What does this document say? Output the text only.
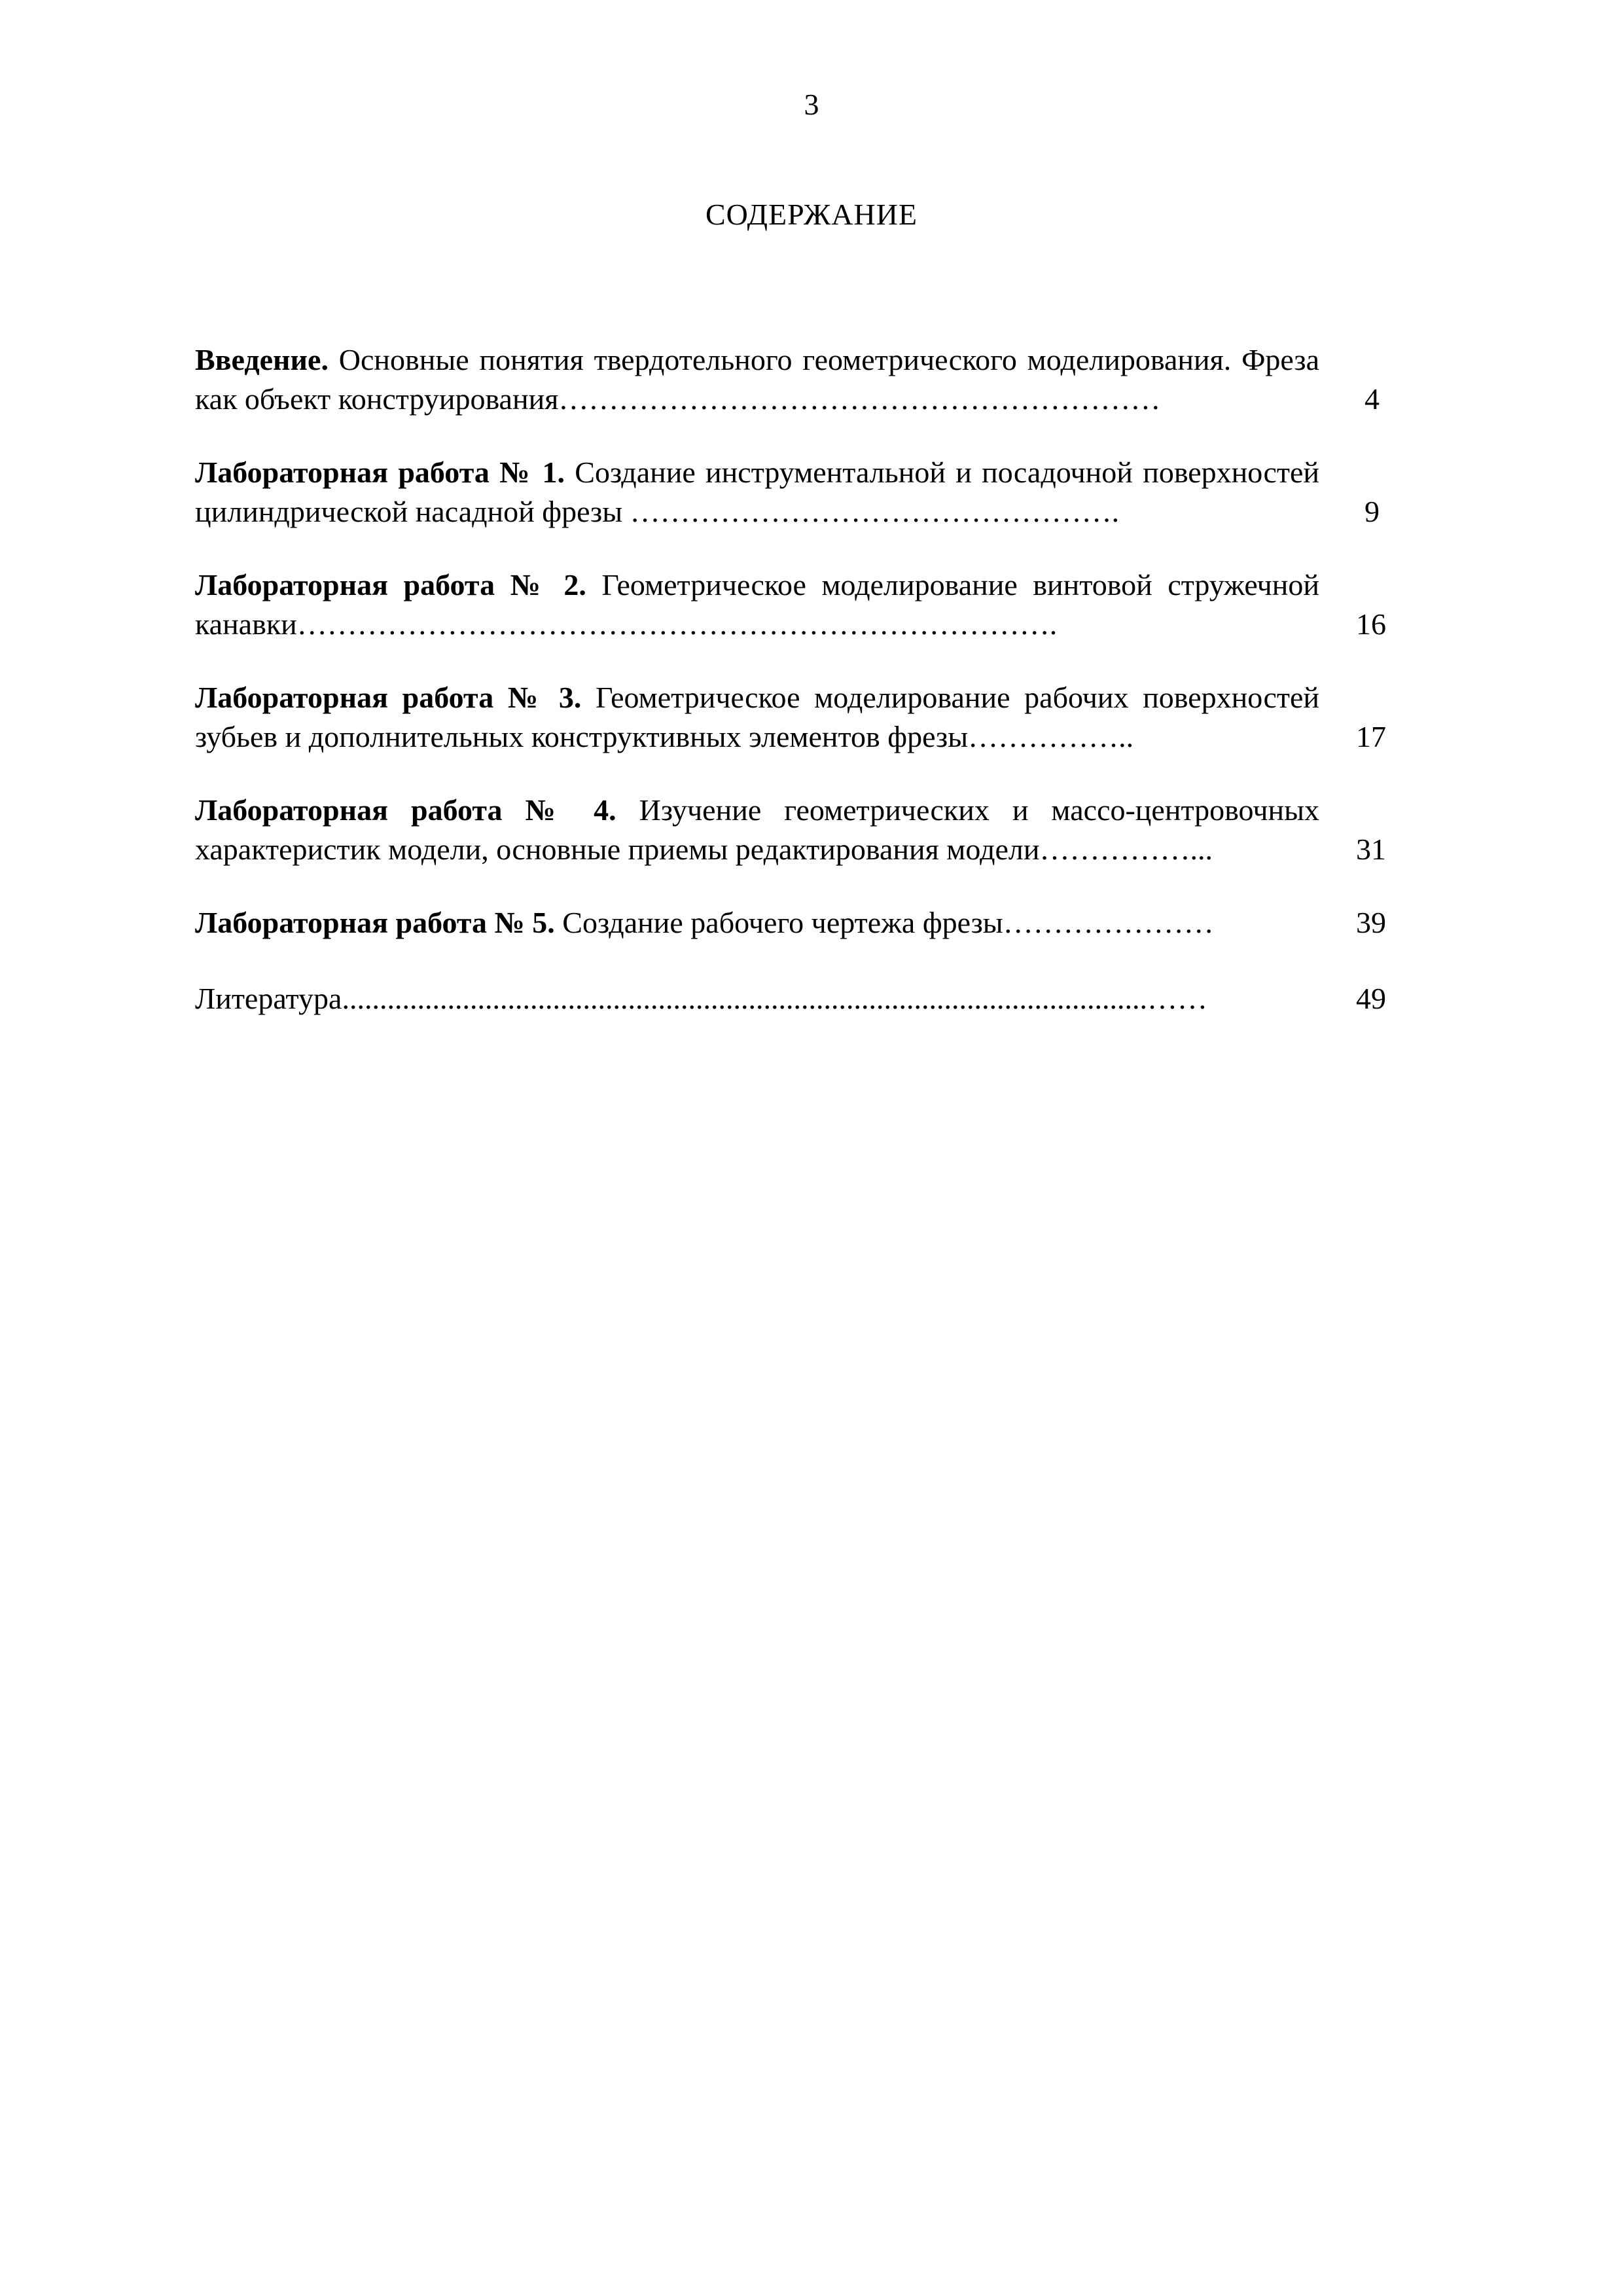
3
СОДЕРЖАНИЕ
Введение. Основные понятия твердотельного геометрического моделирования. Фреза как объект конструирования……………………………………………………	4
Лабораторная работа № 1. Создание инструментальной и посадочной поверхностей цилиндрической насадной фрезы ………………………………………….	9
Лабораторная работа № 2. Геометрическое моделирование винтовой стружечной канавки………………………………………………………………….	16
Лабораторная работа № 3. Геометрическое моделирование рабочих поверхностей зубьев и дополнительных конструктивных элементов фрезы……………..	17
Лабораторная работа № 4. Изучение геометрических и массо-центровочных характеристик модели, основные приемы редактирования модели……………...	31
Лабораторная работа № 5. Создание рабочего чертежа фрезы…………………	39
Литература...........................................................................................................……	49
